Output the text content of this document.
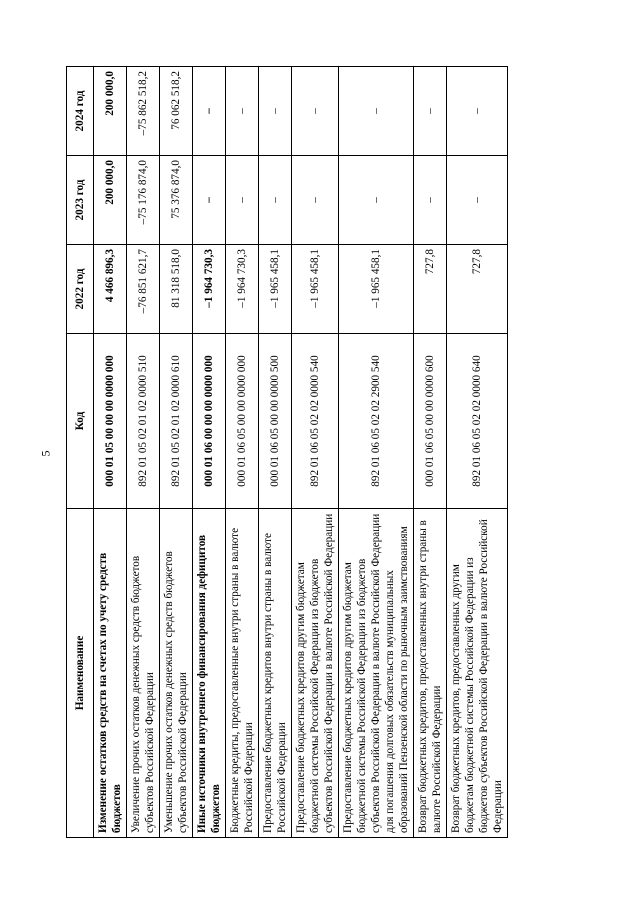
5
Наименование	Код	2022 год	2023 год	2024 год
Изменение остатков средств на счетах по учету средств бюджетов	000 01 05 00 00 00 0000 000	4 466 896,3	200 000,0	200 000,0
Увеличение прочих остатков денежных средств бюджетов субъектов Российской Федерации	892 01 05 02 01 02 0000 510	–76 851 621,7	–75 176 874,0	–75 862 518,2
Уменьшение прочих остатков денежных средств бюджетов субъектов Российской Федерации	892 01 05 02 01 02 0000 610	81 318 518,0	75 376 874,0	76 062 518,2
Иные источники внутреннего финансирования дефицитов бюджетов	000 01 06 00 00 00 0000 000	–1 964 730,3	–	–
Бюджетные кредиты, предоставленные внутри страны в валюте Российской Федерации	000 01 06 05 00 00 0000 000	–1 964 730,3	–	–
Предоставление бюджетных кредитов внутри страны в валюте Российской Федерации	000 01 06 05 00 00 0000 500	–1 965 458,1	–	–
Предоставление бюджетных кредитов другим бюджетам бюджетной системы Российской Федерации из бюджетов субъектов Российской Федерации в валюте Российской Федерации	892 01 06 05 02 02 0000 540	–1 965 458,1	–	–
Предоставление бюджетных кредитов другим бюджетам бюджетной системы Российской Федерации из бюджетов субъектов Российской Федерации в валюте Российской Федерации для погашения долговых обязательств муниципальных образований Пензенской области по рыночным заимствованиям	892 01 06 05 02 02 2900 540	–1 965 458,1	–	–
Возврат бюджетных кредитов, предоставленных внутри страны в валюте Российской Федерации	000 01 06 05 00 00 0000 600	727,8	–	–
Возврат бюджетных кредитов, предоставленных другим бюджетам бюджетной системы Российской Федерации из бюджетов субъектов Российской Федерации в валюте Российской Федерации	892 01 06 05 02 02 0000 640	727,8	–	–
